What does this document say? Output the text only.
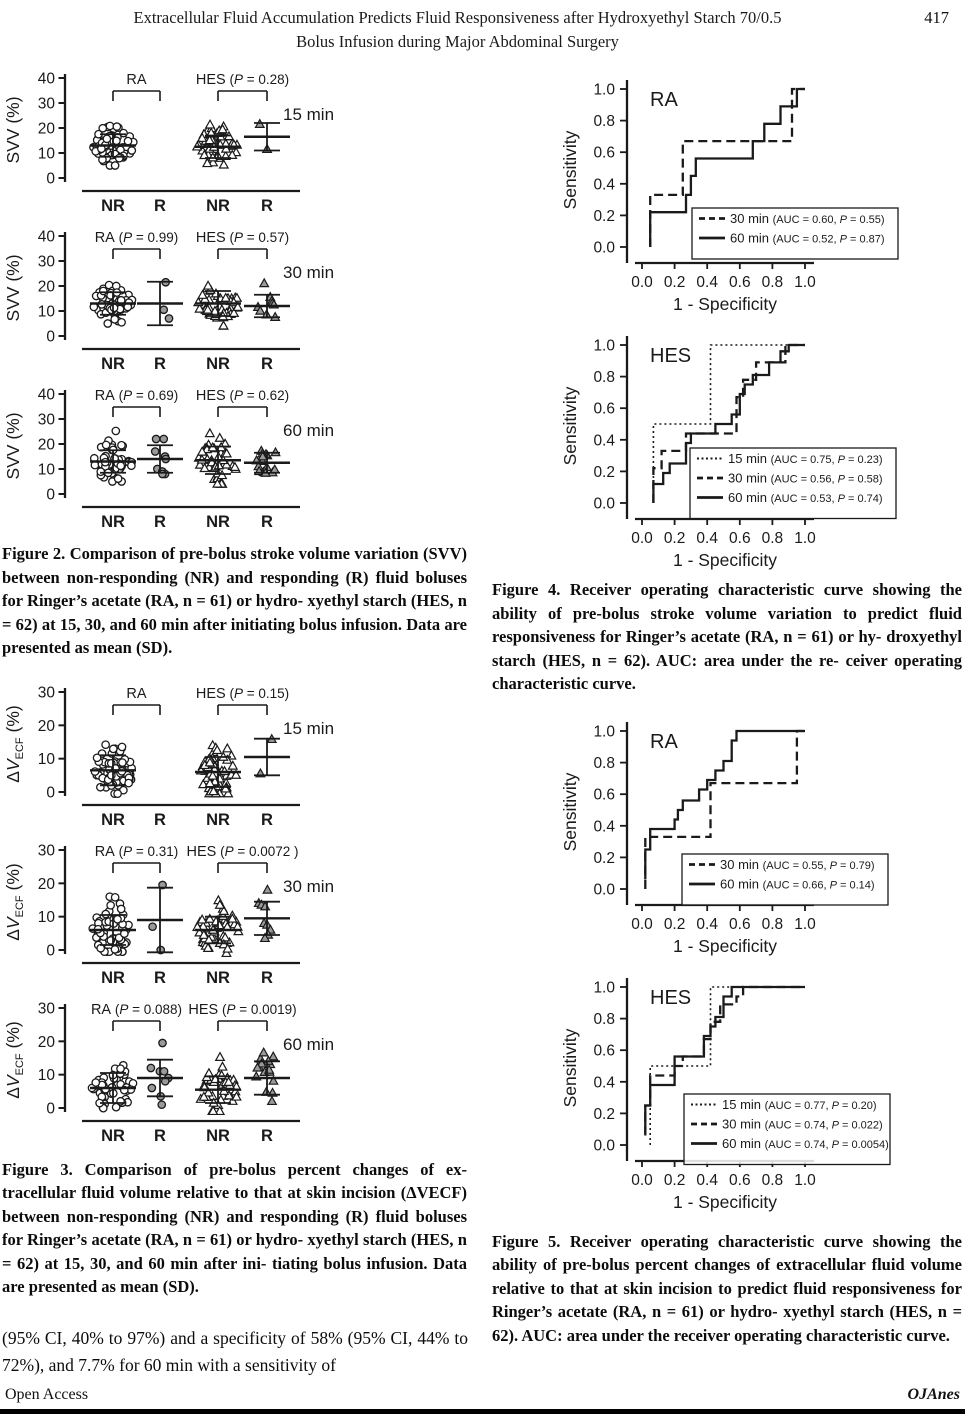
Extracellular Fluid Accumulation Predicts Fluid Responsiveness after Hydroxyethyl Starch 70/0.5
Bolus Infusion during Major Abdominal Surgery
417
0
10
20
30
40
SVV (%)
NR R NR R
RA	HES (P = 0.28)
15 min
0
10
20
30
40
SVV (%)
NR R NR R
RA (P = 0.99) HES (P = 0.57)
30 min
0
10
20
30
40
SVV (%)
NR R NR R
RA (P = 0.69) HES (P = 0.62)
60 min
Figure 2. Comparison of pre-bolus stroke volume variation (SVV) between non-responding (NR) and responding (R) fluid boluses for Ringer’s acetate (RA, n = 61) or hydro- xyethyl starch (HES, n = 62) at 15, 30, and 60 min after initiating bolus infusion. Data are presented as mean (SD).
0
10
20
30
$\Delta V_{ECF}$ (%)
NR R NR R
RA	HES (P = 0.15)
15 min
0
10
20
30
$\Delta V_{ECF}$ (%)
NR R NR R
RA (P = 0.31) HES (P = 0.0072 )
30 min
0
10
20
30
$\Delta V_{ECF}$ (%)
NR R NR R
RA (P = 0.088) HES (P = 0.0019)
60 min
Figure 3. Comparison of pre-bolus percent changes of ex- tracellular fluid volume relative to that at skin incision (ΔVECF) between non-responding (NR) and responding (R) fluid boluses for Ringer’s acetate (RA, n = 61) or hydro- xyethyl starch (HES, n = 62) at 15, 30, and 60 min after ini- tiating bolus infusion. Data are presented as mean (SD).
(95% CI, 40% to 97%) and a specificity of 58% (95% CI, 44% to 72%), and 7.7% for 60 min with a sensitivity of
0.0
0.2
0.4
0.6
0.8
1.0
0.0 0.2 0.4 0.6 0.8 1.0
Sensitivity
1 - Specificity
RA
30 min (AUC = 0.60, P = 0.55)
60 min (AUC = 0.52, P = 0.87)
0.0
0.2
0.4
0.6
0.8
1.0
0.0 0.2 0.4 0.6 0.8 1.0
Sensitivity
1 - Specificity
HES
15 min (AUC = 0.75, P = 0.23)
30 min (AUC = 0.56, P = 0.58)
60 min (AUC = 0.53, P = 0.74)
Figure 4. Receiver operating characteristic curve showing the ability of pre-bolus stroke volume variation to predict fluid responsiveness for Ringer’s acetate (RA, n = 61) or hy- droxyethyl starch (HES, n = 62). AUC: area under the re- ceiver operating characteristic curve.
0.0
0.2
0.4
0.6
0.8
1.0
0.0 0.2 0.4 0.6 0.8 1.0
Sensitivity
1 - Specificity
RA
30 min (AUC = 0.55, P = 0.79)
60 min (AUC = 0.66, P = 0.14)
0.0
0.2
0.4
0.6
0.8
1.0
0.0 0.2 0.4 0.6 0.8 1.0
Sensitivity
1 - Specificity
HES
15 min (AUC = 0.77, P = 0.20)
30 min (AUC = 0.74, P = 0.022)
60 min (AUC = 0.74, P = 0.0054)
Figure 5. Receiver operating characteristic curve showing the ability of pre-bolus percent changes of extracellular fluid volume relative to that at skin incision to predict fluid responsiveness for Ringer’s acetate (RA, n = 61) or hydro- xyethyl starch (HES, n = 62). AUC: area under the receiver operating characteristic curve.
Open Access	OJAnes
